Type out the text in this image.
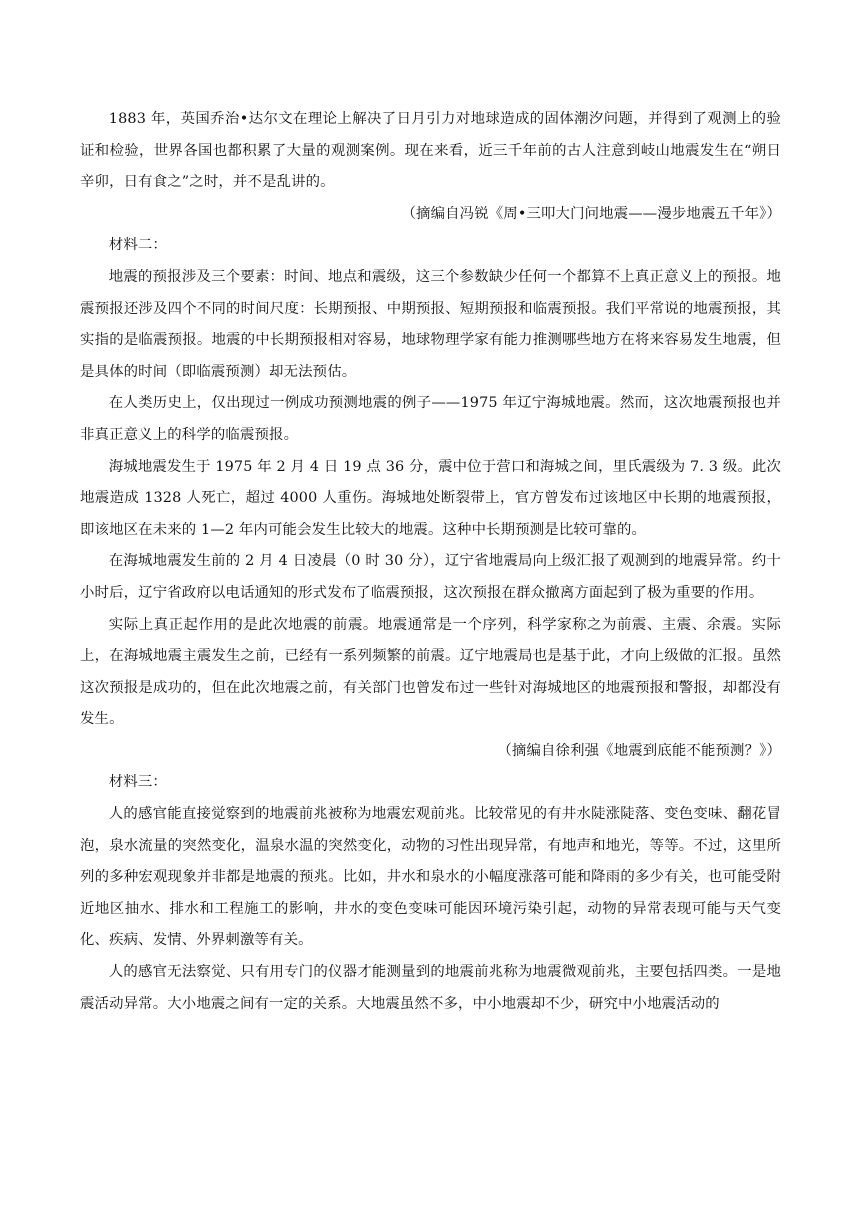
1883 年，英国乔治•达尔文在理论上解决了日月引力对地球造成的固体潮汐问题，并得到了观测上的验证和检验，世界各国也都积累了大量的观测案例。现在来看，近三千年前的古人注意到岐山地震发生在“朔日辛卯，日有食之”之时，并不是乱讲的。

（摘编自冯锐《周•三叩大门问地震——漫步地震五千年》）

材料二：

地震的预报涉及三个要素：时间、地点和震级，这三个参数缺少任何一个都算不上真正意义上的预报。地震预报还涉及四个不同的时间尺度：长期预报、中期预报、短期预报和临震预报。我们平常说的地震预报，其实指的是临震预报。地震的中长期预报相对容易，地球物理学家有能力推测哪些地方在将来容易发生地震，但是具体的时间（即临震预测）却无法预估。

在人类历史上，仅出现过一例成功预测地震的例子——1975 年辽宁海城地震。然而，这次地震预报也并非真正意义上的科学的临震预报。

海城地震发生于 1975 年 2 月 4 日 19 点 36 分，震中位于营口和海城之间，里氏震级为 7. 3 级。此次地震造成 1328 人死亡，超过 4000 人重伤。海城地处断裂带上，官方曾发布过该地区中长期的地震预报，即该地区在未来的 1—2 年内可能会发生比较大的地震。这种中长期预测是比较可靠的。

在海城地震发生前的 2 月 4 日凌晨（0 时 30 分），辽宁省地震局向上级汇报了观测到的地震异常。约十小时后，辽宁省政府以电话通知的形式发布了临震预报，这次预报在群众撤离方面起到了极为重要的作用。

实际上真正起作用的是此次地震的前震。地震通常是一个序列，科学家称之为前震、主震、余震。实际上，在海城地震主震发生之前，已经有一系列频繁的前震。辽宁地震局也是基于此，才向上级做的汇报。虽然这次预报是成功的，但在此次地震之前，有关部门也曾发布过一些针对海城地区的地震预报和警报，却都没有发生。

（摘编自徐利强《地震到底能不能预测？》）

材料三：

人的感官能直接觉察到的地震前兆被称为地震宏观前兆。比较常见的有井水陡涨陡落、变色变味、翻花冒泡，泉水流量的突然变化，温泉水温的突然变化，动物的习性出现异常，有地声和地光，等等。不过，这里所列的多种宏观现象并非都是地震的预兆。比如，井水和泉水的小幅度涨落可能和降雨的多少有关，也可能受附近地区抽水、排水和工程施工的影响，井水的变色变味可能因环境污染引起，动物的异常表现可能与天气变化、疾病、发情、外界刺激等有关。

人的感官无法察觉、只有用专门的仪器才能测量到的地震前兆称为地震微观前兆，主要包括四类。一是地震活动异常。大小地震之间有一定的关系。大地震虽然不多，中小地震却不少，研究中小地震活动的
